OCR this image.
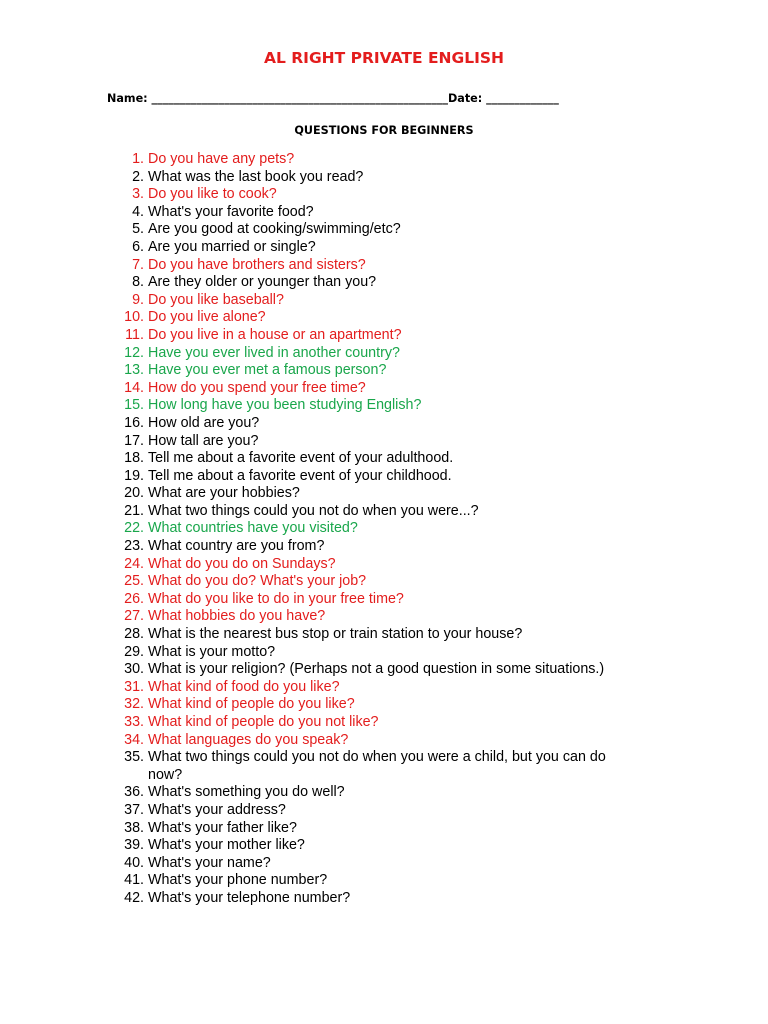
AL RIGHT PRIVATE ENGLISH
Name: _____________________________________________________Date: _____________
QUESTIONS FOR BEGINNERS
1. Do you have any pets?
2. What was the last book you read?
3. Do you like to cook?
4. What's your favorite food?
5. Are you good at cooking/swimming/etc?
6. Are you married or single?
7. Do you have brothers and sisters?
8. Are they older or younger than you?
9. Do you like baseball?
10. Do you live alone?
11. Do you live in a house or an apartment?
12. Have you ever lived in another country?
13. Have you ever met a famous person?
14. How do you spend your free time?
15. How long have you been studying English?
16. How old are you?
17. How tall are you?
18. Tell me about a favorite event of your adulthood.
19. Tell me about a favorite event of your childhood.
20. What are your hobbies?
21. What two things could you not do when you were...?
22. What countries have you visited?
23. What country are you from?
24. What do you do on Sundays?
25. What do you do? What's your job?
26. What do you like to do in your free time?
27. What hobbies do you have?
28. What is the nearest bus stop or train station to your house?
29. What is your motto?
30. What is your religion? (Perhaps not a good question in some situations.)
31. What kind of food do you like?
32. What kind of people do you like?
33. What kind of people do you not like?
34. What languages do you speak?
35. What two things could you not do when you were a child, but you can do now?
36. What's something you do well?
37. What's your address?
38. What's your father like?
39. What's your mother like?
40. What's your name?
41. What's your phone number?
42. What's your telephone number?
